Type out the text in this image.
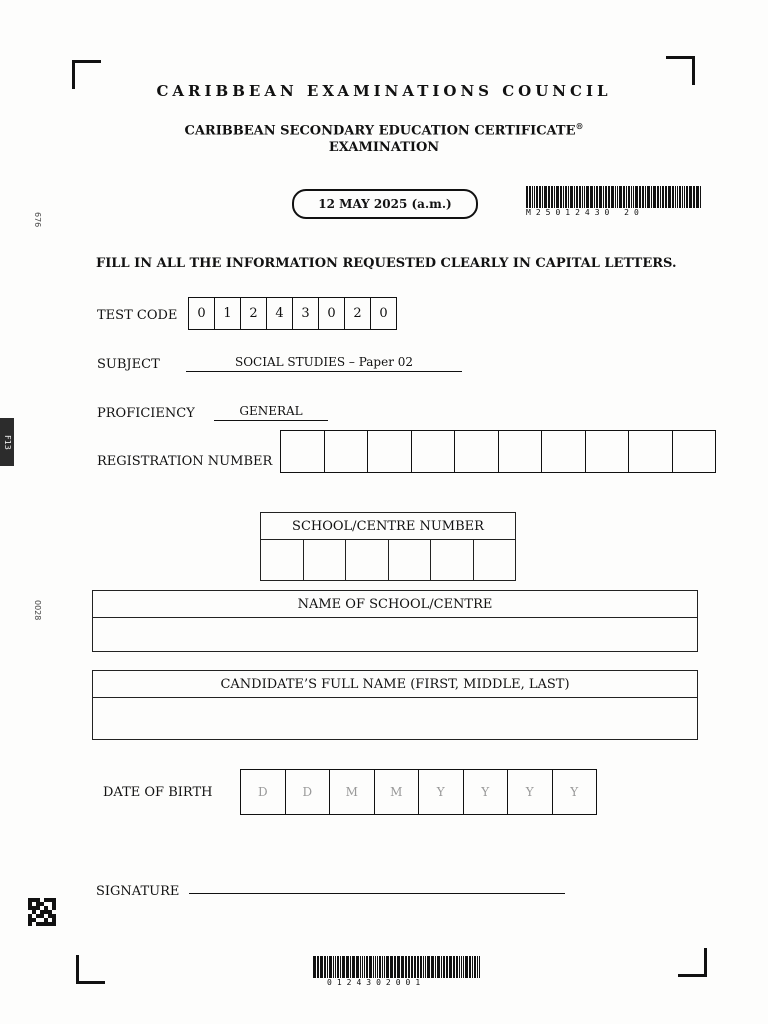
676
F13
0028
CARIBBEAN EXAMINATIONS COUNCIL
CARIBBEAN SECONDARY EDUCATION CERTIFICATE®
EXAMINATION
12 MAY 2025 (a.m.)
M25012430 20
FILL IN ALL THE INFORMATION REQUESTED CLEARLY IN CAPITAL LETTERS.
TEST CODE	0	1	2	4	3	0	2	0
SUBJECT	SOCIAL STUDIES – Paper 02
PROFICIENCY	GENERAL
REGISTRATION NUMBER
SCHOOL/CENTRE NUMBER
NAME OF SCHOOL/CENTRE
CANDIDATE’S FULL NAME (FIRST, MIDDLE, LAST)
DATE OF BIRTH	D	D	M	M	Y	Y	Y	Y
SIGNATURE
0124302001
